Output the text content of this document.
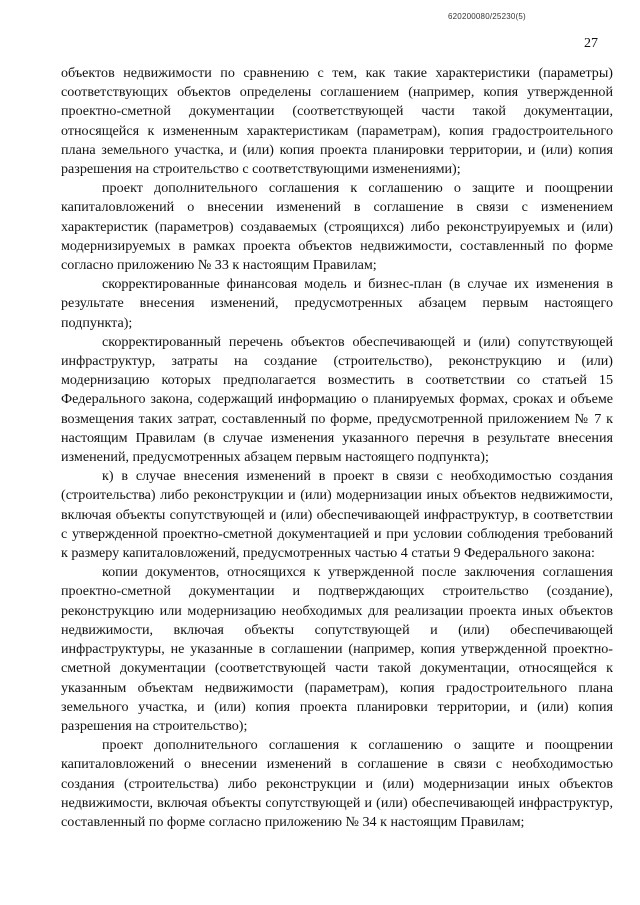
620200080/25230(5)
27

объектов недвижимости по сравнению с тем, как такие характеристики (параметры) соответствующих объектов определены соглашением (например, копия утвержденной проектно-сметной документации (соответствующей части такой документации, относящейся к измененным характеристикам (параметрам), копия градостроительного плана земельного участка, и (или) копия проекта планировки территории, и (или) копия разрешения на строительство с соответствующими изменениями);

проект дополнительного соглашения к соглашению о защите и поощрении капиталовложений о внесении изменений в соглашение в связи с изменением характеристик (параметров) создаваемых (строящихся) либо реконструируемых и (или) модернизируемых в рамках проекта объектов недвижимости, составленный по форме согласно приложению № 33 к настоящим Правилам;

скорректированные финансовая модель и бизнес-план (в случае их изменения в результате внесения изменений, предусмотренных абзацем первым настоящего подпункта);

скорректированный перечень объектов обеспечивающей и (или) сопутствующей инфраструктур, затраты на создание (строительство), реконструкцию и (или) модернизацию которых предполагается возместить в соответствии со статьей 15 Федерального закона, содержащий информацию о планируемых формах, сроках и объеме возмещения таких затрат, составленный по форме, предусмотренной приложением № 7 к настоящим Правилам (в случае изменения указанного перечня в результате внесения изменений, предусмотренных абзацем первым настоящего подпункта);

к) в случае внесения изменений в проект в связи с необходимостью создания (строительства) либо реконструкции и (или) модернизации иных объектов недвижимости, включая объекты сопутствующей и (или) обеспечивающей инфраструктур, в соответствии с утвержденной проектно-сметной документацией и при условии соблюдения требований к размеру капиталовложений, предусмотренных частью 4 статьи 9 Федерального закона:

копии документов, относящихся к утвержденной после заключения соглашения проектно-сметной документации и подтверждающих строительство (создание), реконструкцию или модернизацию необходимых для реализации проекта иных объектов недвижимости, включая объекты сопутствующей и (или) обеспечивающей инфраструктуры, не указанные в соглашении (например, копия утвержденной проектно-сметной документации (соответствующей части такой документации, относящейся к указанным объектам недвижимости (параметрам), копия градостроительного плана земельного участка, и (или) копия проекта планировки территории, и (или) копия разрешения на строительство);

проект дополнительного соглашения к соглашению о защите и поощрении капиталовложений о внесении изменений в соглашение в связи с необходимостью создания (строительства) либо реконструкции и (или) модернизации иных объектов недвижимости, включая объекты сопутствующей и (или) обеспечивающей инфраструктур, составленный по форме согласно приложению № 34 к настоящим Правилам;
